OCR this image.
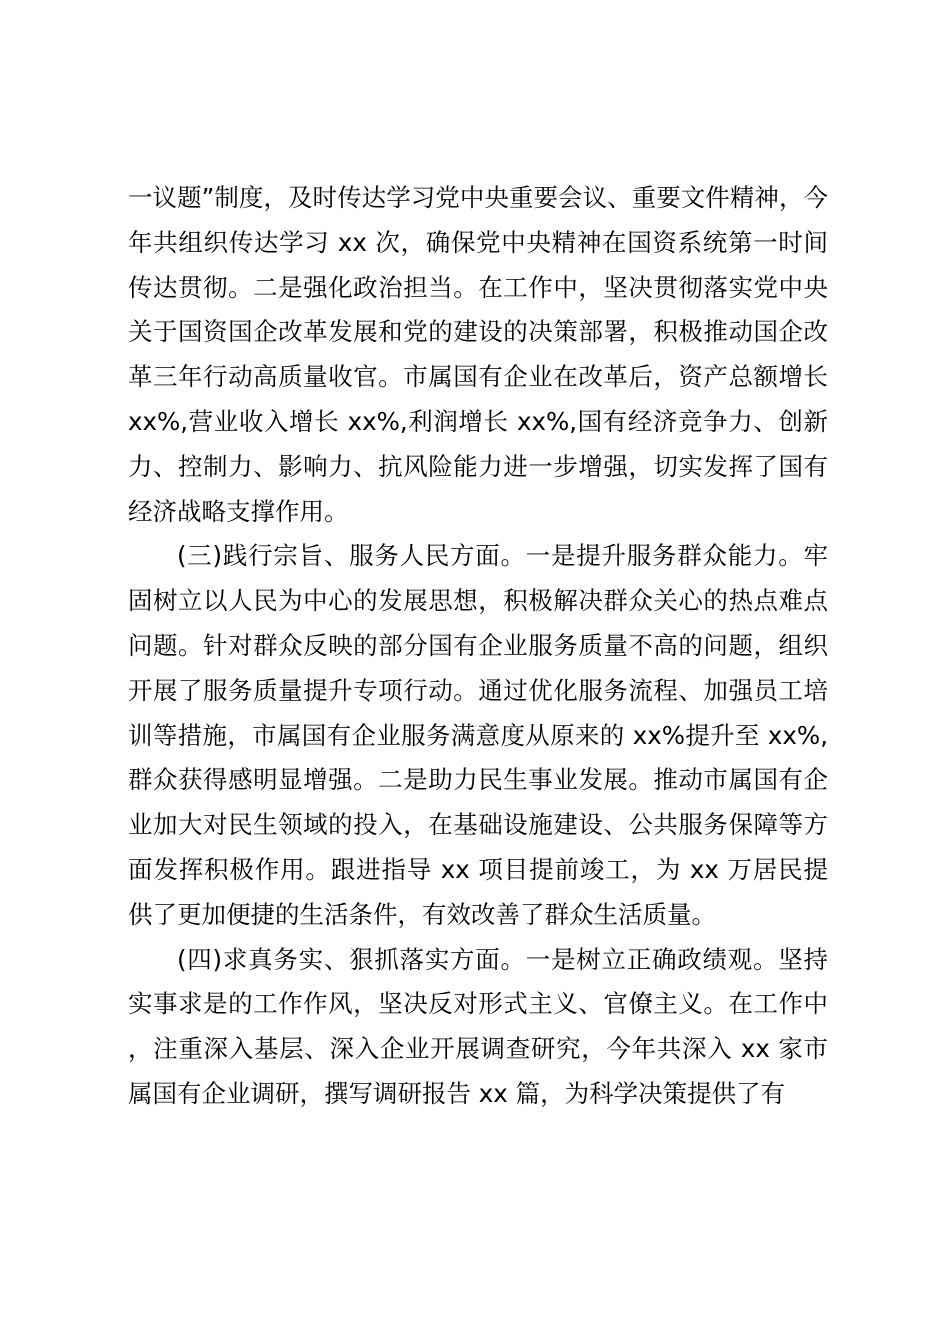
一议题”制度，及时传达学习党中央重要会议、重要文件精神，今年共组织传达学习 xx 次，确保党中央精神在国资系统第一时间传达贯彻。二是强化政治担当。在工作中，坚决贯彻落实党中央关于国资国企改革发展和党的建设的决策部署，积极推动国企改革三年行动高质量收官。市属国有企业在改革后，资产总额增长 xx%,营业收入增长 xx%,利润增长 xx%,国有经济竞争力、创新力、控制力、影响力、抗风险能力进一步增强，切实发挥了国有经济战略支撑作用。

(三)践行宗旨、服务人民方面。一是提升服务群众能力。牢固树立以人民为中心的发展思想，积极解决群众关心的热点难点问题。针对群众反映的部分国有企业服务质量不高的问题，组织开展了服务质量提升专项行动。通过优化服务流程、加强员工培训等措施，市属国有企业服务满意度从原来的 xx%提升至 xx%,群众获得感明显增强。二是助力民生事业发展。推动市属国有企业加大对民生领域的投入，在基础设施建设、公共服务保障等方面发挥积极作用。跟进指导 xx 项目提前竣工，为 xx 万居民提供了更加便捷的生活条件，有效改善了群众生活质量。

(四)求真务实、狠抓落实方面。一是树立正确政绩观。坚持实事求是的工作作风，坚决反对形式主义、官僚主义。在工作中，注重深入基层、深入企业开展调查研究，今年共深入 xx 家市属国有企业调研，撰写调研报告 xx 篇，为科学决策提供了有
